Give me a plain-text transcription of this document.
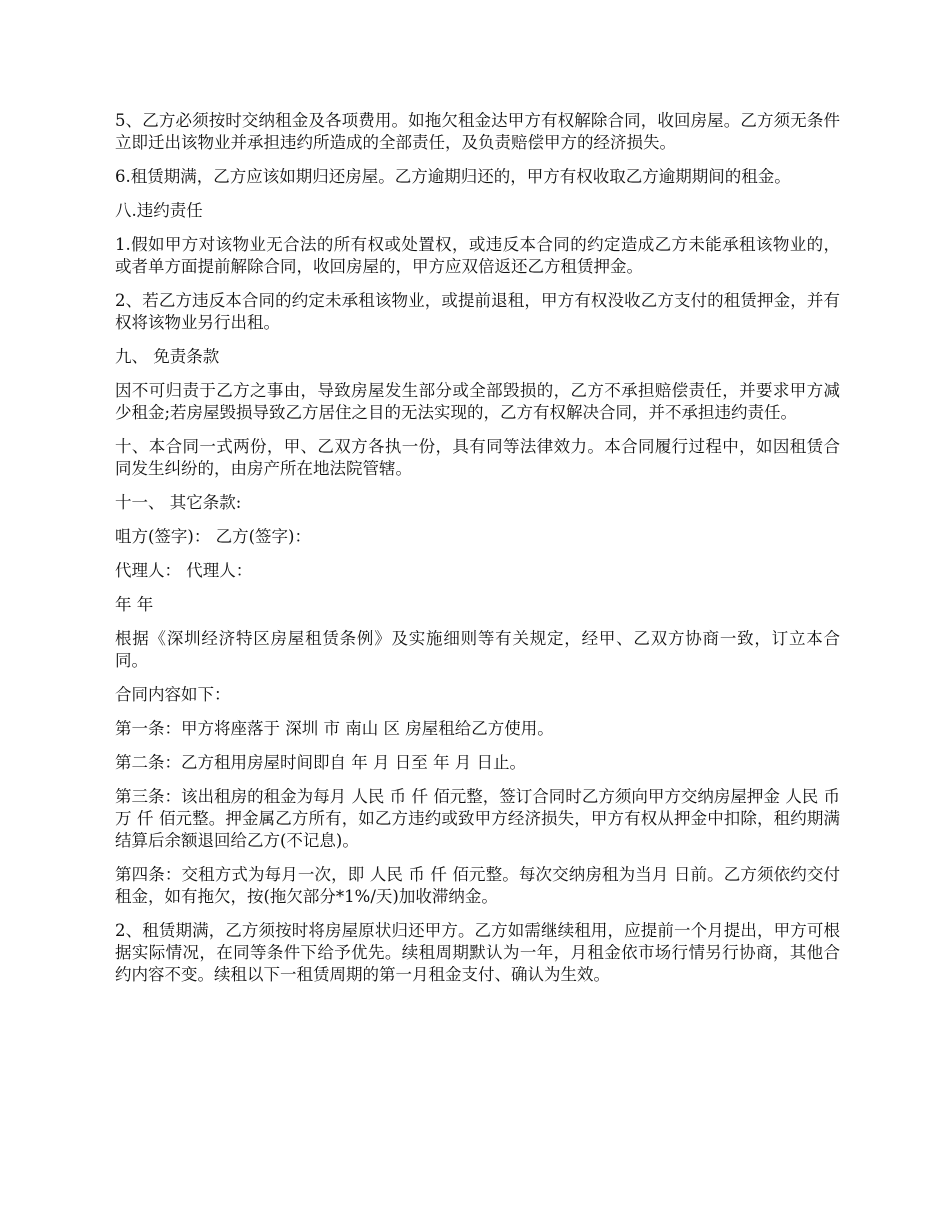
5、乙方必须按时交纳租金及各项费用。如拖欠租金达甲方有权解除合同，收回房屋。乙方须无条件立即迁出该物业并承担违约所造成的全部责任，及负责赔偿甲方的经济损失。

6.租赁期满，乙方应该如期归还房屋。乙方逾期归还的，甲方有权收取乙方逾期期间的租金。

八.违约责任

1.假如甲方对该物业无合法的所有权或处置权，或违反本合同的约定造成乙方未能承租该物业的，或者单方面提前解除合同，收回房屋的，甲方应双倍返还乙方租赁押金。

2、若乙方违反本合同的约定未承租该物业，或提前退租，甲方有权没收乙方支付的租赁押金，并有权将该物业另行出租。

九、 免责条款

因不可归责于乙方之事由，导致房屋发生部分或全部毁损的，乙方不承担赔偿责任，并要求甲方减少租金;若房屋毁损导致乙方居住之目的无法实现的，乙方有权解决合同，并不承担违约责任。

十、本合同一式两份，甲、乙双方各执一份，具有同等法律效力。本合同履行过程中，如因租赁合同发生纠纷的，由房产所在地法院管辖。

十一、 其它条款:

咀方(签字)： 乙方(签字)：

代理人： 代理人：

年 年

根据《深圳经济特区房屋租赁条例》及实施细则等有关规定，经甲、乙双方协商一致，订立本合同。

合同内容如下：

第一条：甲方将座落于 深圳 市 南山 区 房屋租给乙方使用。

第二条：乙方租用房屋时间即自 年 月 日至 年 月 日止。

第三条：该出租房的租金为每月 人民 币 仟 佰元整，签订合同时乙方须向甲方交纳房屋押金 人民 币 万 仟 佰元整。押金属乙方所有，如乙方违约或致甲方经济损失，甲方有权从押金中扣除，租约期满结算后余额退回给乙方(不记息)。

第四条：交租方式为每月一次，即 人民 币 仟 佰元整。每次交纳房租为当月 日前。乙方须依约交付租金，如有拖欠，按(拖欠部分*1%/天)加收滞纳金。

2、租赁期满，乙方须按时将房屋原状归还甲方。乙方如需继续租用，应提前一个月提出，甲方可根据实际情况，在同等条件下给予优先。续租周期默认为一年，月租金依市场行情另行协商，其他合约内容不变。续租以下一租赁周期的第一月租金支付、确认为生效。
